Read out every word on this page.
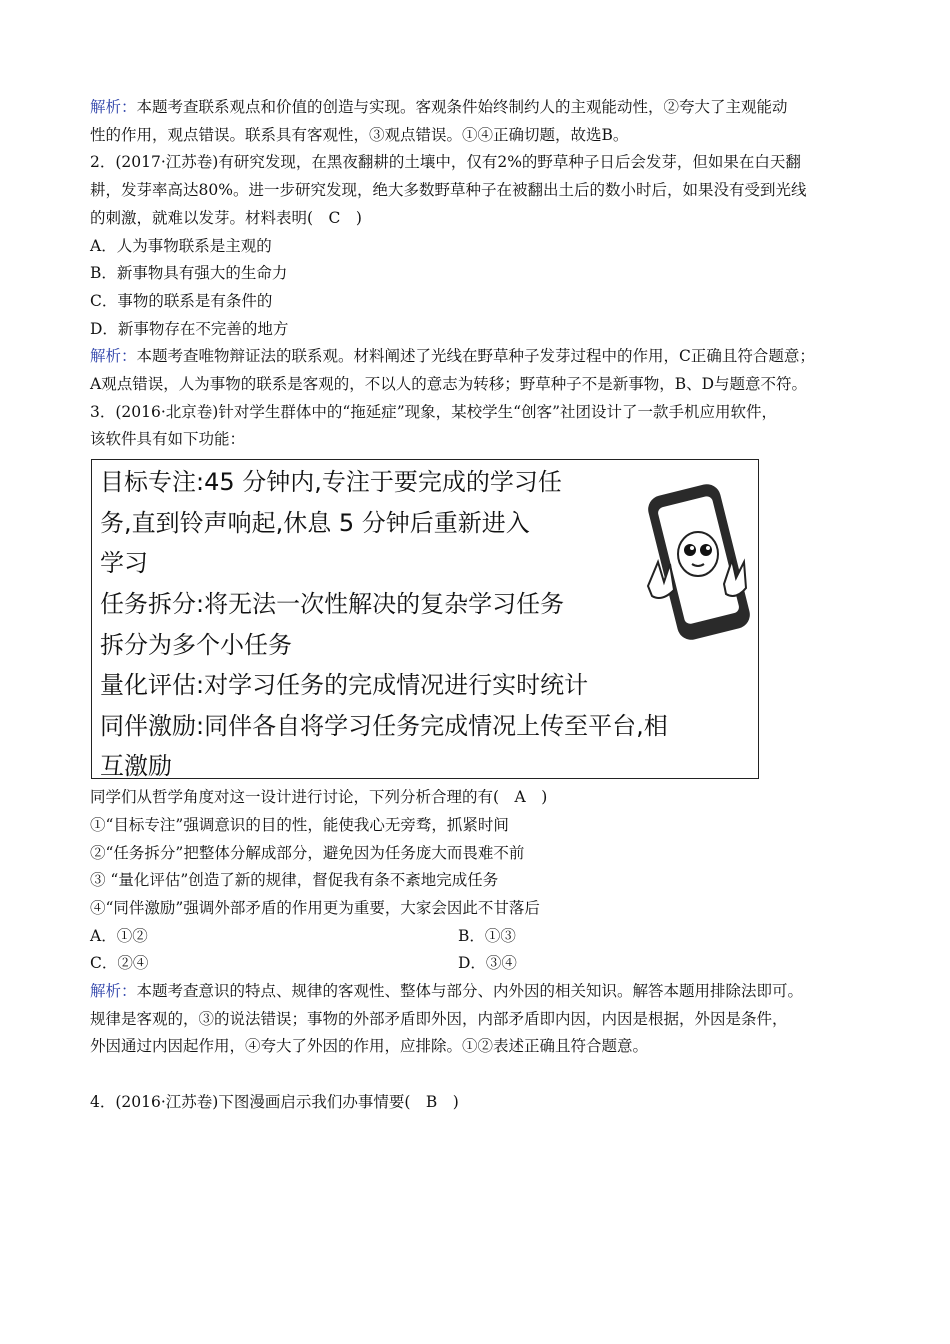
解析：本题考查联系观点和价值的创造与实现。客观条件始终制约人的主观能动性，②夸大了主观能动

性的作用，观点错误。联系具有客观性，③观点错误。①④正确切题，故选B。

2．(2017·江苏卷)有研究发现，在黑夜翻耕的土壤中，仅有2%的野草种子日后会发芽，但如果在白天翻

耕，发芽率高达80%。进一步研究发现，绝大多数野草种子在被翻出土后的数小时后，如果没有受到光线

的刺激，就难以发芽。材料表明(　C　)

A．人为事物联系是主观的

B．新事物具有强大的生命力

C．事物的联系是有条件的

D．新事物存在不完善的地方

解析：本题考查唯物辩证法的联系观。材料阐述了光线在野草种子发芽过程中的作用，C正确且符合题意；

A观点错误，人为事物的联系是客观的，不以人的意志为转移；野草种子不是新事物，B、D与题意不符。

3．(2016·北京卷)针对学生群体中的“拖延症”现象，某校学生“创客”社团设计了一款手机应用软件，

该软件具有如下功能：

目标专注:45 分钟内,专注于要完成的学习任
务,直到铃声响起,休息 5 分钟后重新进入
学习
任务拆分:将无法一次性解决的复杂学习任务
拆分为多个小任务
量化评估:对学习任务的完成情况进行实时统计
同伴激励:同伴各自将学习任务完成情况上传至平台,相
互激励

同学们从哲学角度对这一设计进行讨论，下列分析合理的有(　A　)

①“目标专注”强调意识的目的性，能使我心无旁骛，抓紧时间

②“任务拆分”把整体分解成部分，避免因为任务庞大而畏难不前

③ “量化评估”创造了新的规律，督促我有条不紊地完成任务

④“同伴激励”强调外部矛盾的作用更为重要，大家会因此不甘落后

A．①②	B．①③

C．②④	D．③④

解析：本题考查意识的特点、规律的客观性、整体与部分、内外因的相关知识。解答本题用排除法即可。

规律是客观的，③的说法错误；事物的外部矛盾即外因，内部矛盾即内因，内因是根据，外因是条件，

外因通过内因起作用，④夸大了外因的作用，应排除。①②表述正确且符合题意。

4．(2016·江苏卷)下图漫画启示我们办事情要(　B　)
